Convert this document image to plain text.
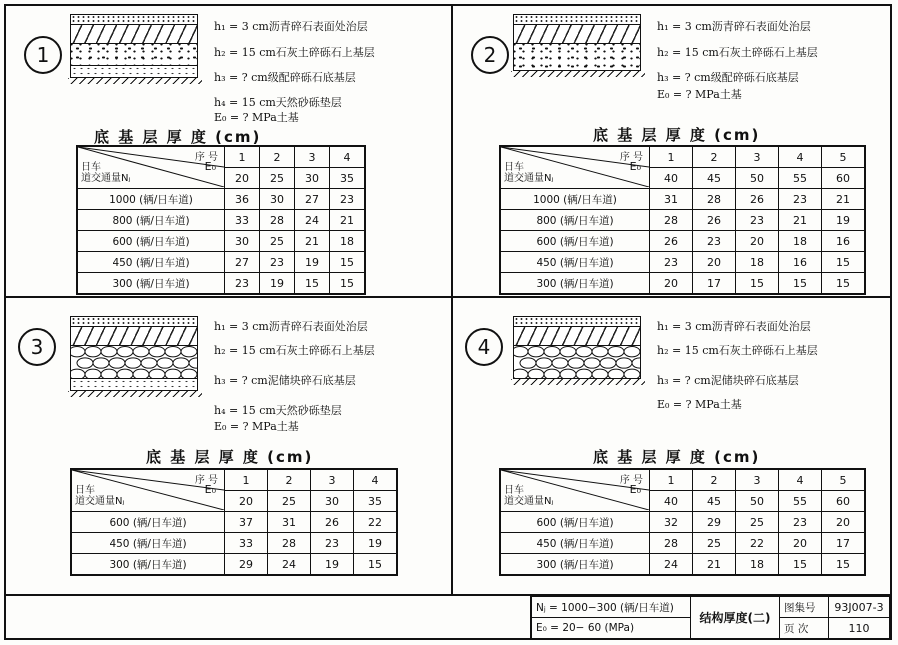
1
h₁ = 3 cm沥青碎石表面处治层
h₂ = 15 cm石灰土碎砾石上基层
h₃ = ? cm级配碎砾石底基层
h₄ = 15 cm天然砂砾垫层
E₀ = ? MPa土基
底 基 层 厚 度 (cm)
序 号
E₀
日车
道交通量Nⱼ	1	2	3	4
	20	25	30	35
1000 (辆/日车道)	36	30	27	23
800 (辆/日车道)	33	28	24	21
600 (辆/日车道)	30	25	21	18
450 (辆/日车道)	27	23	19	15
300 (辆/日车道)	23	19	15	15
2
h₁ = 3 cm沥青碎石表面处治层
h₂ = 15 cm石灰土碎砾石上基层
h₃ = ? cm级配碎砾石底基层
E₀ = ? MPa土基
底 基 层 厚 度 (cm)
序 号
E₀
日车
道交通量Nⱼ	1	2	3	4	5
	40	45	50	55	60
1000 (辆/日车道)	31	28	26	23	21
800 (辆/日车道)	28	26	23	21	19
600 (辆/日车道)	26	23	20	18	16
450 (辆/日车道)	23	20	18	16	15
300 (辆/日车道)	20	17	15	15	15
3
h₁ = 3 cm沥青碎石表面处治层
h₂ = 15 cm石灰土碎砾石上基层
h₃ = ? cm泥储块碎石底基层
h₄ = 15 cm天然砂砾垫层
E₀ = ? MPa土基
底 基 层 厚 度 (cm)
序 号
E₀
日车
道交通量Nⱼ	1	2	3	4
	20	25	30	35
600 (辆/日车道)	37	31	26	22
450 (辆/日车道)	33	28	23	19
300 (辆/日车道)	29	24	19	15
4
h₁ = 3 cm沥青碎石表面处治层
h₂ = 15 cm石灰土碎砾石上基层
h₃ = ? cm泥储块碎石底基层
E₀ = ? MPa土基
底 基 层 厚 度 (cm)
序 号
E₀
日车
道交通量Nⱼ	1	2	3	4	5
	40	45	50	55	60
600 (辆/日车道)	32	29	25	23	20
450 (辆/日车道)	28	25	22	20	17
300 (辆/日车道)	24	21	18	15	15
Nⱼ = 1000−300 (辆/日车道)	结构厚度(二)	图集号	93J007-3
E₀ = 20− 60 (MPa)		页 次	110
